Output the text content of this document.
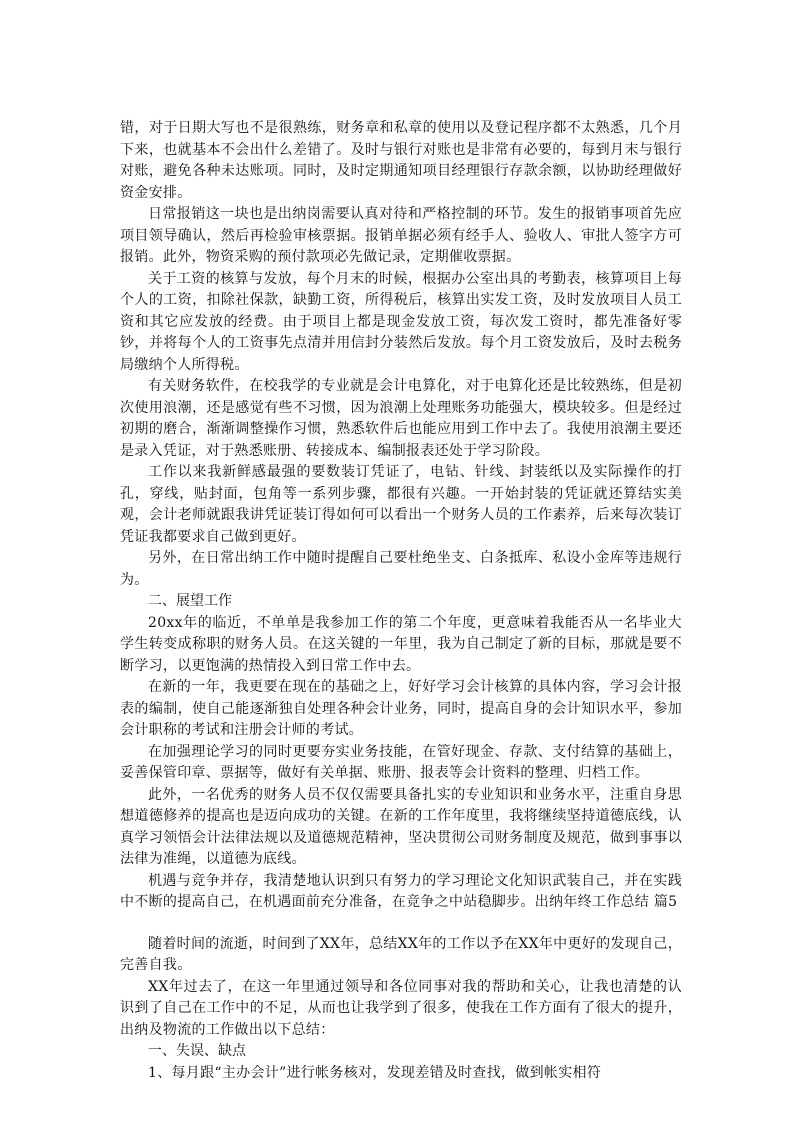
错，对于日期大写也不是很熟练，财务章和私章的使用以及登记程序都不太熟悉，几个月下来，也就基本不会出什么差错了。及时与银行对账也是非常有必要的，每到月末与银行对账，避免各种未达账项。同时，及时定期通知项目经理银行存款余额，以协助经理做好资金安排。

日常报销这一块也是出纳岗需要认真对待和严格控制的环节。发生的报销事项首先应项目领导确认，然后再检验审核票据。报销单据必须有经手人、验收人、审批人签字方可报销。此外，物资采购的预付款项必先做记录，定期催收票据。

关于工资的核算与发放，每个月末的时候，根据办公室出具的考勤表，核算项目上每个人的工资，扣除社保款，缺勤工资，所得税后，核算出实发工资，及时发放项目人员工资和其它应发放的经费。由于项目上都是现金发放工资，每次发工资时，都先准备好零钞，并将每个人的工资事先点清并用信封分装然后发放。每个月工资发放后，及时去税务局缴纳个人所得税。

有关财务软件，在校我学的专业就是会计电算化，对于电算化还是比较熟练，但是初次使用浪潮，还是感觉有些不习惯，因为浪潮上处理账务功能强大，模块较多。但是经过初期的磨合，渐渐调整操作习惯，熟悉软件后也能应用到工作中去了。我使用浪潮主要还是录入凭证，对于熟悉账册、转接成本、编制报表还处于学习阶段。

工作以来我新鲜感最强的要数装订凭证了，电钻、针线、封装纸以及实际操作的打孔，穿线，贴封面，包角等一系列步骤，都很有兴趣。一开始封装的凭证就还算结实美观，会计老师就跟我讲凭证装订得如何可以看出一个财务人员的工作素养，后来每次装订凭证我都要求自己做到更好。

另外，在日常出纳工作中随时提醒自己要杜绝坐支、白条抵库、私设小金库等违规行为。

二、展望工作

20xx年的临近，不单单是我参加工作的第二个年度，更意味着我能否从一名毕业大学生转变成称职的财务人员。在这关键的一年里，我为自己制定了新的目标，那就是要不断学习，以更饱满的热情投入到日常工作中去。

在新的一年，我更要在现在的基础之上，好好学习会计核算的具体内容，学习会计报表的编制，使自己能逐渐独自处理各种会计业务，同时，提高自身的会计知识水平，参加会计职称的考试和注册会计师的考试。

在加强理论学习的同时更要夯实业务技能，在管好现金、存款、支付结算的基础上，妥善保管印章、票据等，做好有关单据、账册、报表等会计资料的整理、归档工作。

此外，一名优秀的财务人员不仅仅需要具备扎实的专业知识和业务水平，注重自身思想道德修养的提高也是迈向成功的关键。在新的工作年度里，我将继续坚持道德底线，认真学习领悟会计法律法规以及道德规范精神，坚决贯彻公司财务制度及规范，做到事事以法律为准绳，以道德为底线。

机遇与竞争并存，我清楚地认识到只有努力的学习理论文化知识武装自己，并在实践中不断的提高自己，在机遇面前充分准备，在竞争之中站稳脚步。出纳年终工作总结 篇5

随着时间的流逝，时间到了XX年，总结XX年的工作以予在XX年中更好的发现自己，完善自我。

XX年过去了，在这一年里通过领导和各位同事对我的帮助和关心，让我也清楚的认识到了自己在工作中的不足，从而也让我学到了很多，使我在工作方面有了很大的提升，出纳及物流的工作做出以下总结：

一、失误、缺点

1、每月跟“主办会计”进行帐务核对，发现差错及时查找，做到帐实相符
